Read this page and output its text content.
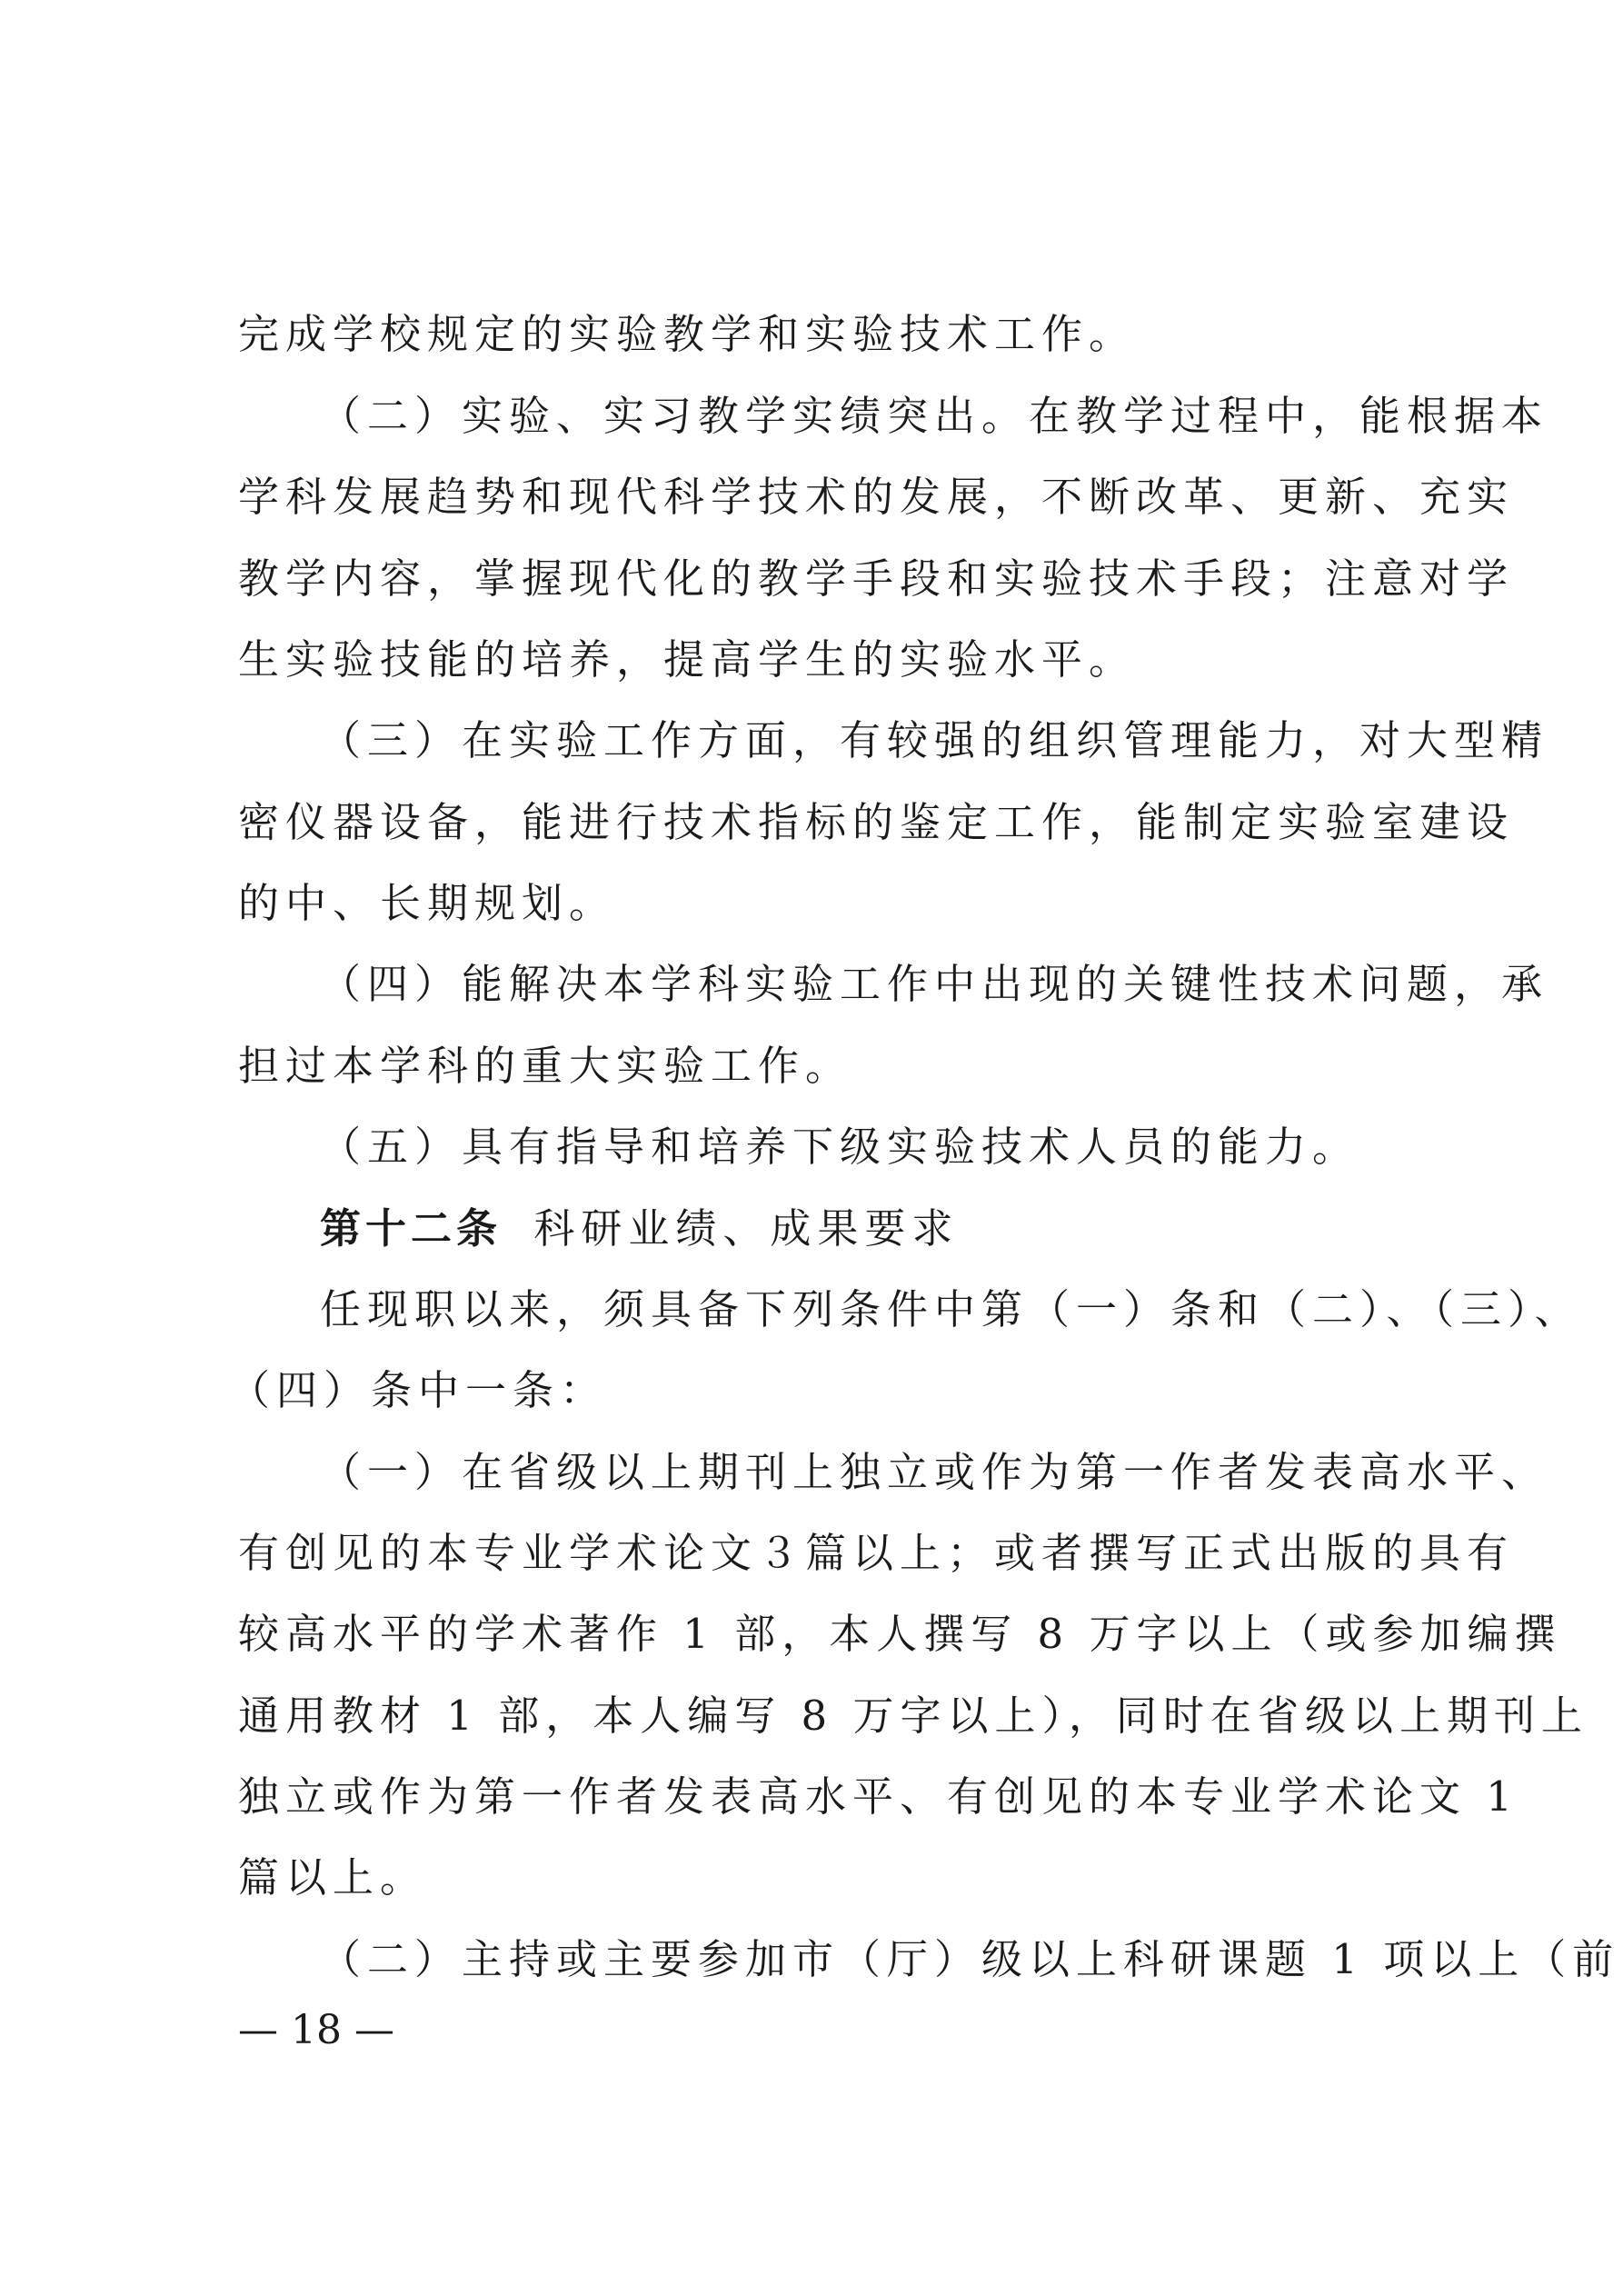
完成学校规定的实验教学和实验技术工作。
（二）实验、实习教学实绩突出。在教学过程中，能根据本
学科发展趋势和现代科学技术的发展，不断改革、更新、充实
教学内容，掌握现代化的教学手段和实验技术手段；注意对学
生实验技能的培养，提高学生的实验水平。
（三）在实验工作方面，有较强的组织管理能力，对大型精
密仪器设备，能进行技术指标的鉴定工作，能制定实验室建设
的中、长期规划。
（四）能解决本学科实验工作中出现的关键性技术问题，承
担过本学科的重大实验工作。
（五）具有指导和培养下级实验技术人员的能力。
第十二条 科研业绩、成果要求
任现职以来，须具备下列条件中第（一）条和（二）、（三）、
（四）条中一条：
（一）在省级以上期刊上独立或作为第一作者发表高水平、
有创见的本专业学术论文３篇以上；或者撰写正式出版的具有
较高水平的学术著作 1 部，本人撰写 8 万字以上（或参加编撰
通用教材 1 部，本人编写 8 万字以上），同时在省级以上期刊上
独立或作为第一作者发表高水平、有创见的本专业学术论文 1
篇以上。
（二）主持或主要参加市（厅）级以上科研课题 1 项以上（前
— 18 —
